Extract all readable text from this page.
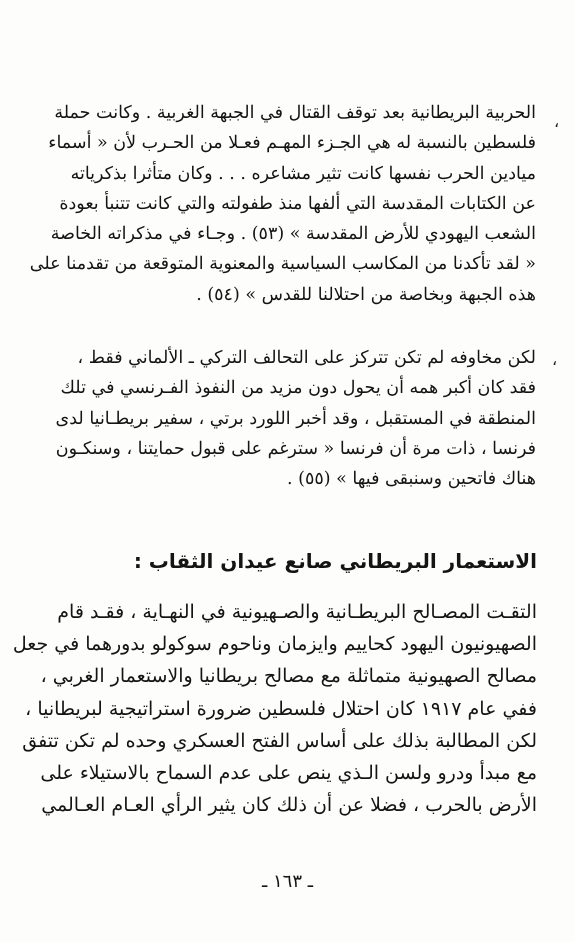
،
،
الحربية البريطانية بعد توقف القتال في الجبهة الغربية . وكانت حملة
فلسطين بالنسبة له هي الجـزء المهـم فعـلا من الحـرب لأن « أسماء
ميادين الحرب نفسها كانت تثير مشاعره . . . وكان متأثرا بذكرياته
عن الكتابات المقدسة التي ألفها منذ طفولته والتي كانت تتنبأ بعودة
الشعب اليهودي للأرض المقدسة » (٥٣) . وجـاء في مذكراته الخاصة
« لقد تأكدنا من المكاسب السياسية والمعنوية المتوقعة من تقدمنا على
هذه الجبهة وبخاصة من احتلالنا للقدس » (٥٤) .
لكن مخاوفه لم تكن تتركز على التحالف التركي ـ الألماني فقط ،
فقد كان أكبر همه أن يحول دون مزيد من النفوذ الفـرنسي في تلك
المنطقة في المستقبل ، وقد أخبر اللورد برتي ، سفير بريطـانيا لدى
فرنسا ، ذات مرة أن فرنسا « سترغم على قبول حمايتنا ، وسنكـون
هناك فاتحين وسنبقى فيها » (٥٥) .
الاستعمار البريطاني صانع عيدان الثقاب :
التقـت المصـالح البريطـانية والصـهيونية في النهـاية ، فقـد قام
الصهيونيون اليهود كحاييم وايزمان وناحوم سوكولو بدورهما في جعل
مصالح الصهيونية متماثلة مع مصالح بريطانيا والاستعمار الغربي ،
ففي عام ١٩١٧ كان احتلال فلسطين ضرورة استراتيجية لبريطانيا ،
لكن المطالبة بذلك على أساس الفتح العسكري وحده لم تكن تتفق
مع مبدأ ودرو ولسن الـذي ينص على عدم السماح بالاستيلاء على
الأرض بالحرب ، فضلا عن أن ذلك كان يثير الرأي العـام العـالمي
ـ ١٦٣ ـ
